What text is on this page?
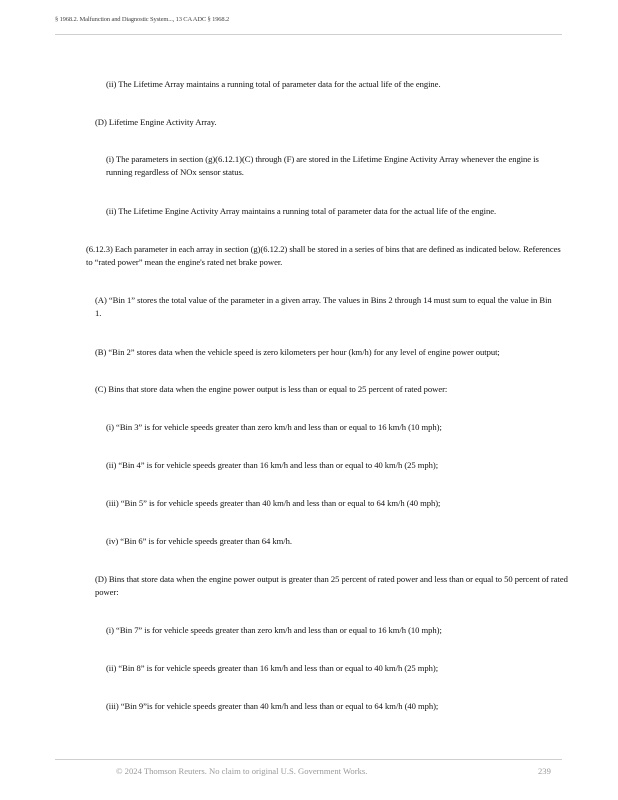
§ 1968.2. Malfunction and Diagnostic System..., 13 CA ADC § 1968.2

(ii) The Lifetime Array maintains a running total of parameter data for the actual life of the engine.

(D) Lifetime Engine Activity Array.

(i) The parameters in section (g)(6.12.1)(C) through (F) are stored in the Lifetime Engine Activity Array whenever the engine is running regardless of NOx sensor status.

(ii) The Lifetime Engine Activity Array maintains a running total of parameter data for the actual life of the engine.

(6.12.3) Each parameter in each array in section (g)(6.12.2) shall be stored in a series of bins that are defined as indicated below. References to “rated power” mean the engine's rated net brake power.

(A) “Bin 1” stores the total value of the parameter in a given array. The values in Bins 2 through 14 must sum to equal the value in Bin 1.

(B) “Bin 2” stores data when the vehicle speed is zero kilometers per hour (km/h) for any level of engine power output;

(C) Bins that store data when the engine power output is less than or equal to 25 percent of rated power:

(i) “Bin 3” is for vehicle speeds greater than zero km/h and less than or equal to 16 km/h (10 mph);

(ii) “Bin 4” is for vehicle speeds greater than 16 km/h and less than or equal to 40 km/h (25 mph);

(iii) “Bin 5” is for vehicle speeds greater than 40 km/h and less than or equal to 64 km/h (40 mph);

(iv) “Bin 6” is for vehicle speeds greater than 64 km/h.

(D) Bins that store data when the engine power output is greater than 25 percent of rated power and less than or equal to 50 percent of rated power:

(i) “Bin 7” is for vehicle speeds greater than zero km/h and less than or equal to 16 km/h (10 mph);

(ii) “Bin 8” is for vehicle speeds greater than 16 km/h and less than or equal to 40 km/h (25 mph);

(iii) “Bin 9”is for vehicle speeds greater than 40 km/h and less than or equal to 64 km/h (40 mph);

© 2024 Thomson Reuters. No claim to original U.S. Government Works.	239
